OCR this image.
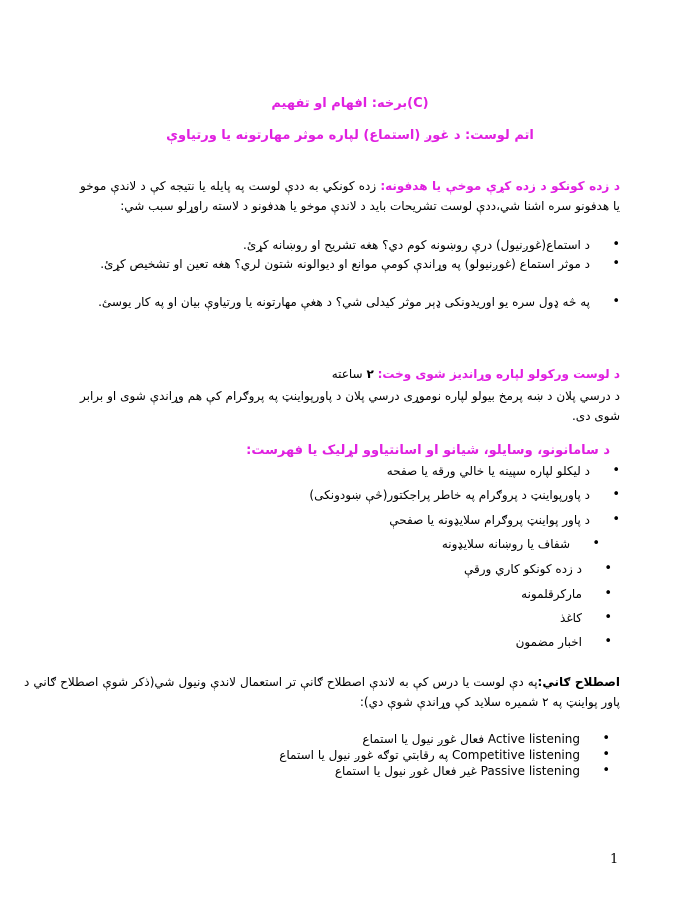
(C)برخه: افهام او تفهیم
اتم لوست: د غوږ (استماع) لپاره موثر مهارتونه یا ورتیاوې
د زده کونکو د زده کړې موخې یا هدفونه: زده کونکي به ددې لوست په پایله یا نتیجه کې د لاندې موخو یا هدفونو سره اشنا شي،ددې لوست تشریحات باید د لاندې موخو یا هدفونو د لاسته راوړلو سبب شي:
د استماع(غوږنیول) درې روښونه کوم دي؟ هغه تشریح او روښانه کړئ. •
د موثر استماع (غوږنیولو) په وړاندې کومې موانع او دیوالونه شتون لري؟ هغه تعین او تشخیص کړئ. •
په څه ډول سره یو اوریدونکی ډېر موثر کیدلی شي؟ د هغې مهارتونه یا ورتیاوې بیان او په کار یوسئ. •
د لوست ورکولو لپاره وړاندیز شوی وخت: ۲ ساعته
د درسي پلان د ښه پرمخ بیولو لپاره نوموړی درسي پلان د پاورپواینټ په پروګرام کې هم وړاندې شوی او برابر شوی دی.
د سامانونو، وسایلو، شیانو او اسانتیاوو لړلیک یا فهرست:
د لیکلو لپاره سپینه یا خالي ورقه یا صفحه •
د پاورپواینټ د پروګرام په خاطر پراجکتور(څې ښودونکی) •
د پاور پواینټ پروګرام سلایډونه یا صفحې •
شفاف یا روښانه سلایډونه •
د زده کونکو کاري ورقې •
مارکرقلمونه •
کاغذ •
اخبار مضمون •
اصطلاح ګاني:په دې لوست یا درس کې به لاندې اصطلاح ګانې تر استعمال لاندې ونیول شي(ذکر شوې اصطلاح ګاني د پاور پواینټ په ۲ شمیره سلاید کې وړاندې شوې دي):
Active listening فعال غوږ نیول یا استماع •
Competitive listening په رقابتي توګه غوږ نیول یا استماع •
Passive listening غیر فعال غوږ نیول یا استماع •
1
